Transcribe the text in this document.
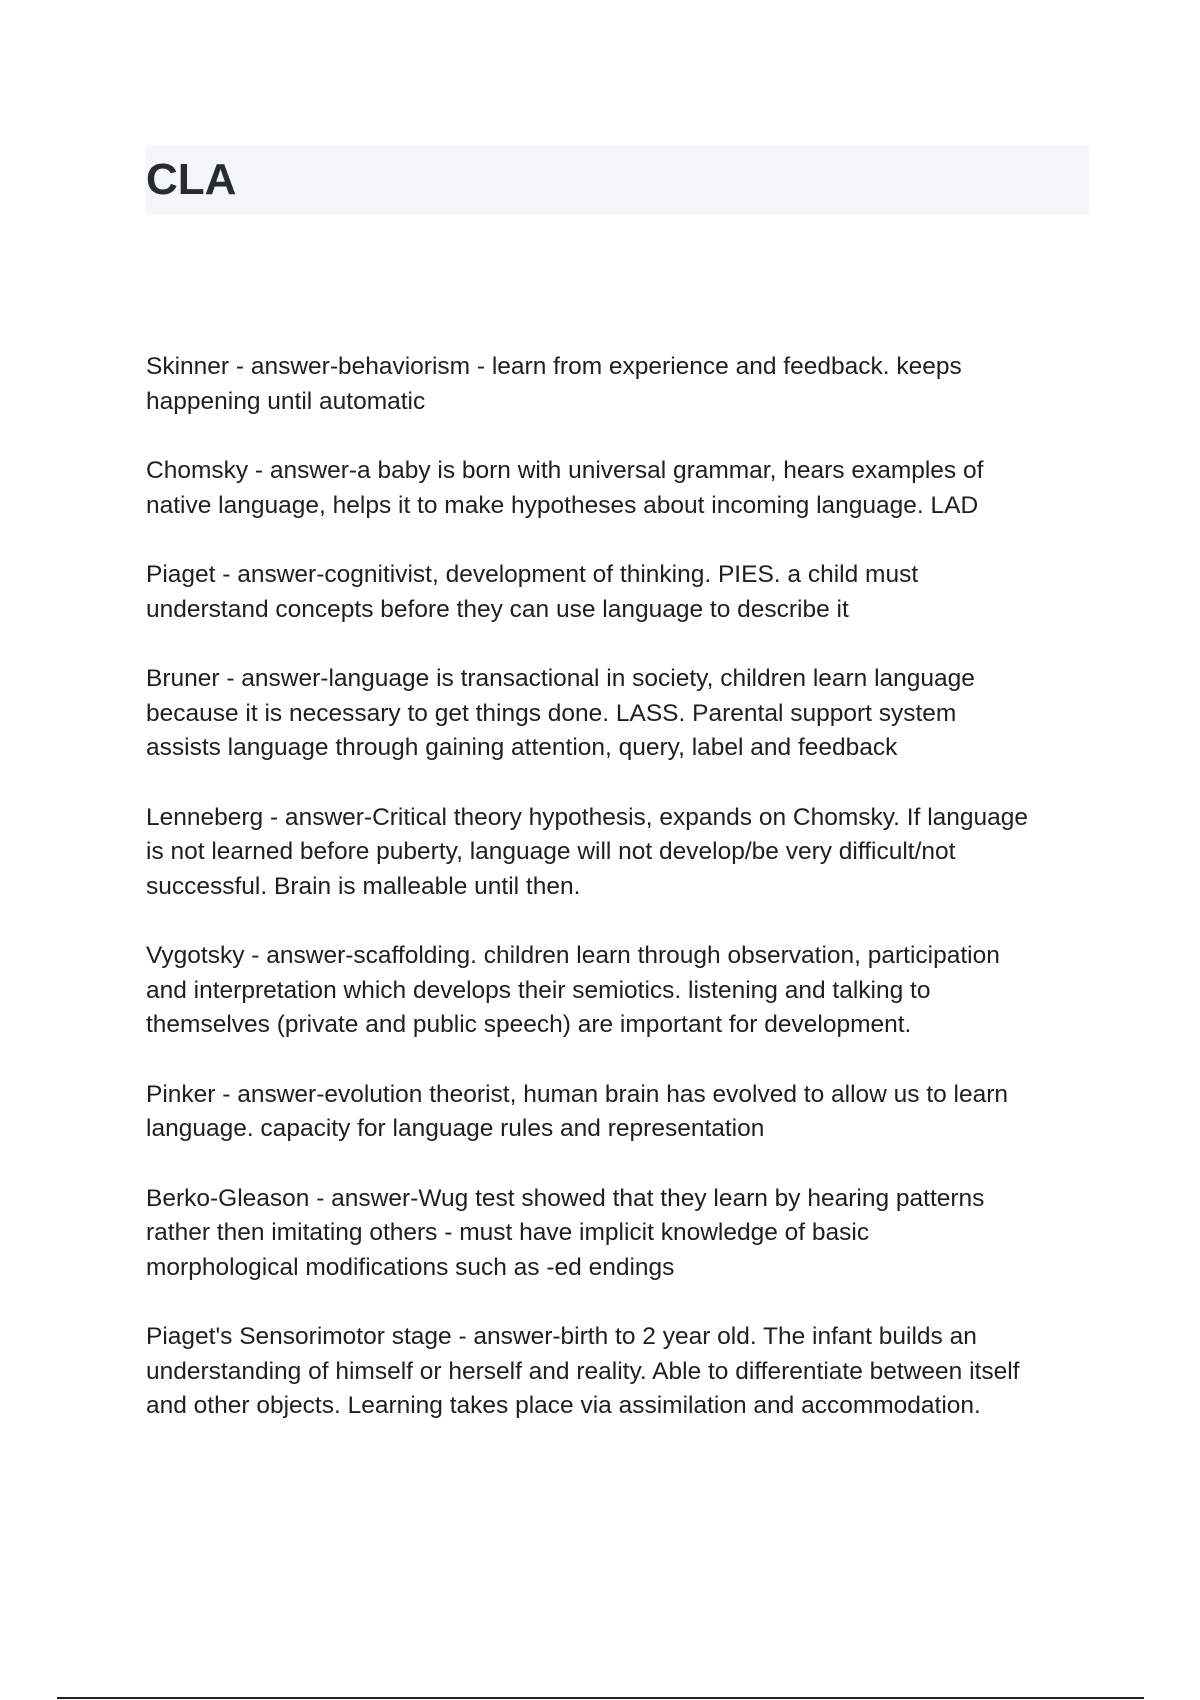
CLA

Skinner - answer-behaviorism - learn from experience and feedback. keeps
happening until automatic

Chomsky - answer-a baby is born with universal grammar, hears examples of
native language, helps it to make hypotheses about incoming language. LAD

Piaget - answer-cognitivist, development of thinking. PIES. a child must
understand concepts before they can use language to describe it

Bruner - answer-language is transactional in society, children learn language
because it is necessary to get things done. LASS. Parental support system
assists language through gaining attention, query, label and feedback

Lenneberg - answer-Critical theory hypothesis, expands on Chomsky. If language
is not learned before puberty, language will not develop/be very difficult/not
successful. Brain is malleable until then.

Vygotsky - answer-scaffolding. children learn through observation, participation
and interpretation which develops their semiotics. listening and talking to
themselves (private and public speech) are important for development.

Pinker - answer-evolution theorist, human brain has evolved to allow us to learn
language. capacity for language rules and representation

Berko-Gleason - answer-Wug test showed that they learn by hearing patterns
rather then imitating others - must have implicit knowledge of basic
morphological modifications such as -ed endings

Piaget's Sensorimotor stage - answer-birth to 2 year old. The infant builds an
understanding of himself or herself and reality. Able to differentiate between itself
and other objects. Learning takes place via assimilation and accommodation.
